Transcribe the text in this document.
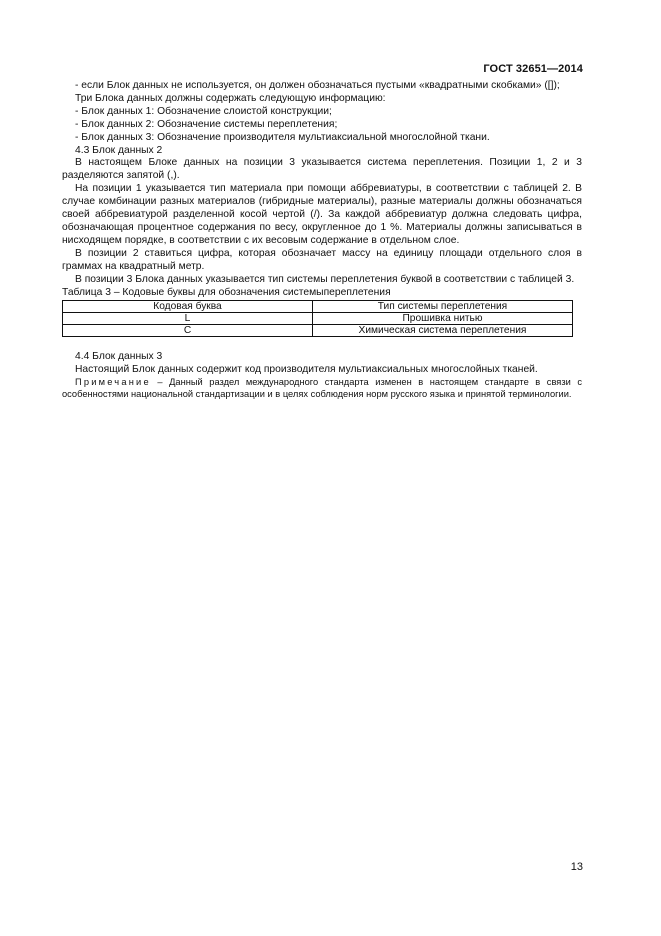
ГОСТ 32651—2014

- если Блок данных не используется, он должен обозначаться пустыми «квадратными скобками» ([]);

Три Блока данных должны содержать следующую информацию:

- Блок данных 1: Обозначение слоистой конструкции;

- Блок данных 2: Обозначение системы переплетения;

- Блок данных 3: Обозначение производителя мультиаксиальной многослойной ткани.

4.3 Блок данных 2

В настоящем Блоке данных на позиции 3 указывается система переплетения. Позиции 1, 2 и 3 разделяются запятой (,).

На позиции 1 указывается тип материала при помощи аббревиатуры, в соответствии с таблицей 2. В случае комбинации разных материалов (гибридные материалы), разные материалы должны обозначаться своей аббревиатурой разделенной косой чертой (/). За каждой аббревиатур должна следовать цифра, обозначающая процентное содержания по весу, округленное до 1 %. Материалы должны записываться в нисходящем порядке, в соответствии с их весовым содержание в отдельном слое.

В позиции 2 ставиться цифра, которая обозначает массу на единицу площади отдельного слоя в граммах на квадратный метр.

В позиции 3 Блока данных указывается тип системы переплетения буквой в соответствии с таблицей 3.

Таблица 3 – Кодовые буквы для обозначения системыпереплетения

Кодовая буква	Тип системы переплетения
L	Прошивка нитью
C	Химическая система переплетения

4.4 Блок данных 3

Настоящий Блок данных содержит код производителя мультиаксиальных многослойных тканей.

Примечание – Данный раздел международного стандарта изменен в настоящем стандарте в связи с особенностями национальной стандартизации и в целях соблюдения норм русского языка и принятой терминологии.

13
